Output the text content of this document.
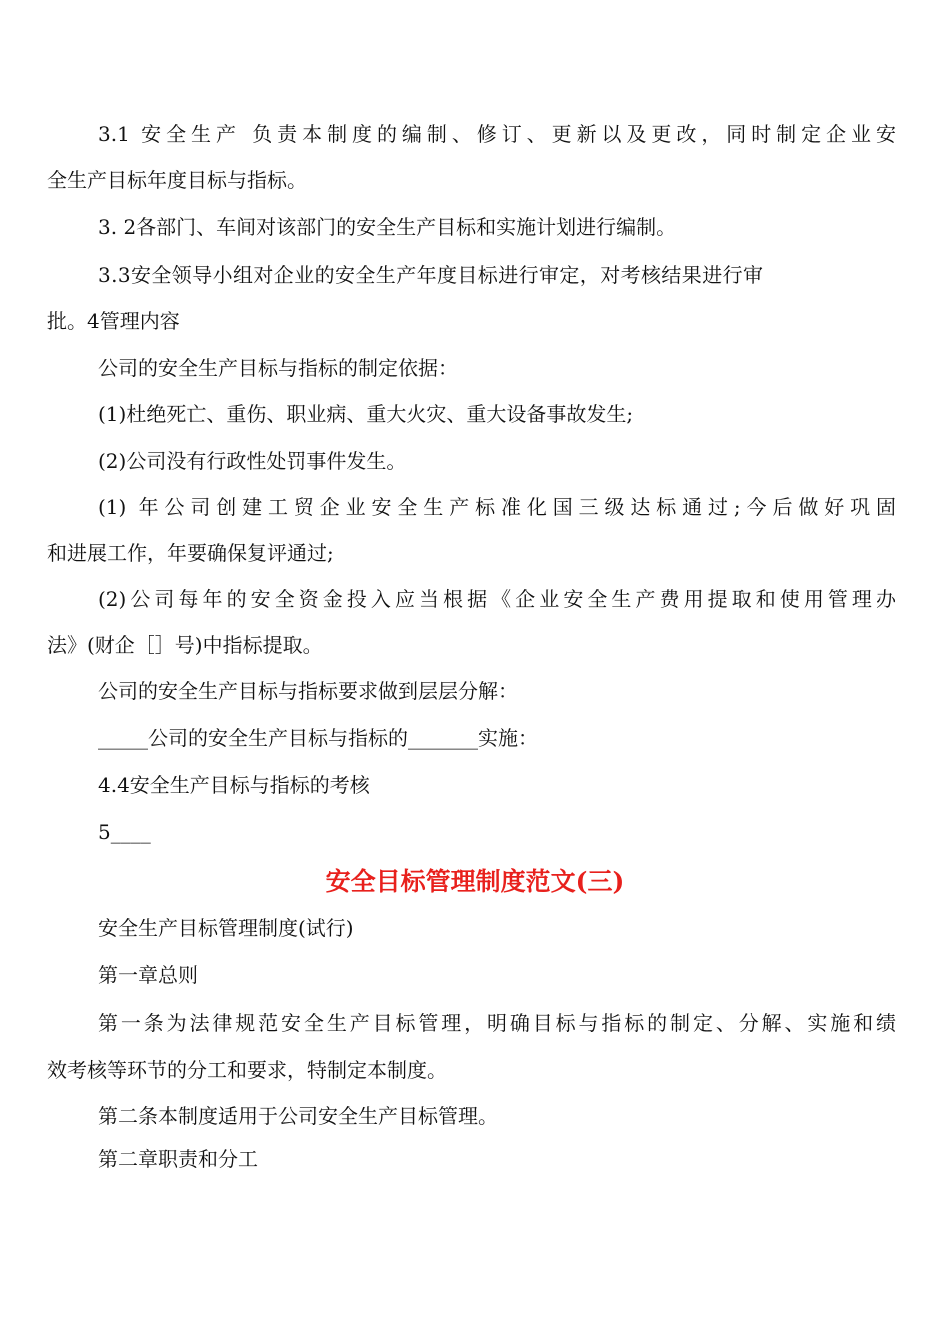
3.1 安全生产 负责本制度的编制、修订、更新以及更改，同时制定企业安

全生产目标年度目标与指标。

3. 2各部门、车间对该部门的安全生产目标和实施计划进行编制。

3.3安全领导小组对企业的安全生产年度目标进行审定，对考核结果进行审

批。4管理内容

公司的安全生产目标与指标的制定依据：

(1)杜绝死亡、重伤、职业病、重大火灾、重大设备事故发生;

(2)公司没有行政性处罚事件发生。

(1) 年公司创建工贸企业安全生产标准化国三级达标通过;今后做好巩固

和进展工作，年要确保复评通过;

(2)公司每年的安全资金投入应当根据《企业安全生产费用提取和使用管理办

法》(财企［］号)中指标提取。

公司的安全生产目标与指标要求做到层层分解：

_____公司的安全生产目标与指标的_______实施：

4.4安全生产目标与指标的考核

5____

安全目标管理制度范文(三)

安全生产目标管理制度(试行)

第一章总则

第一条为法律规范安全生产目标管理，明确目标与指标的制定、分解、实施和绩

效考核等环节的分工和要求，特制定本制度。

第二条本制度适用于公司安全生产目标管理。

第二章职责和分工
